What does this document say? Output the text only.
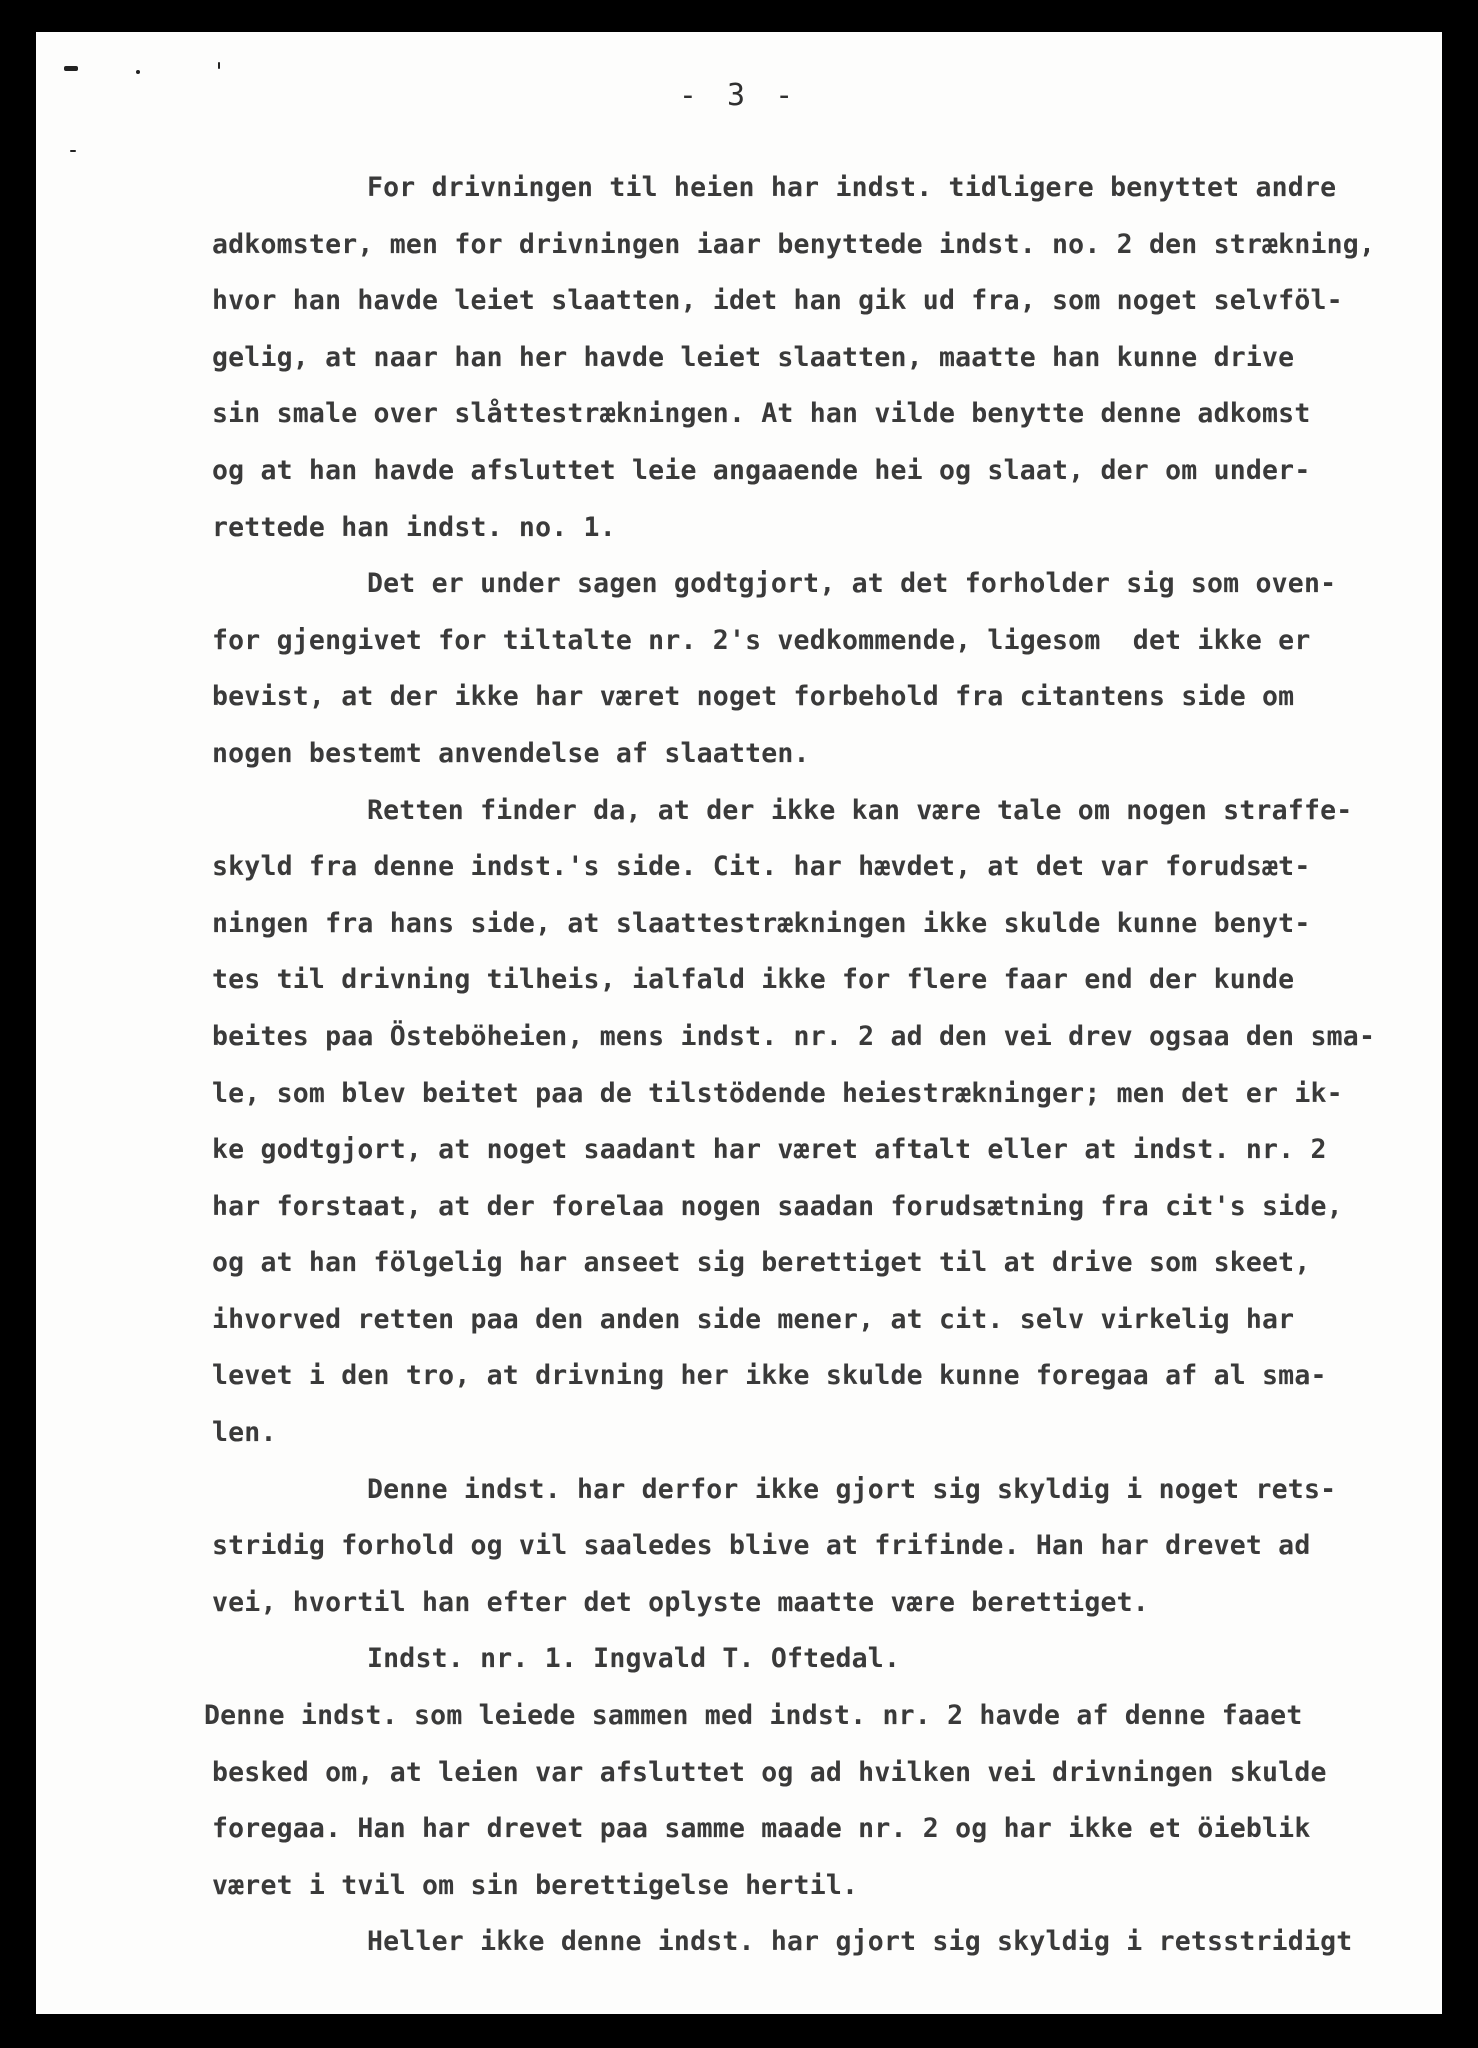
- 3 -
For drivningen til heien har indst. tidligere benyttet andre
adkomster, men for drivningen iaar benyttede indst. no. 2 den strækning,
hvor han havde leiet slaatten, idet han gik ud fra, som noget selvföl-
gelig, at naar han her havde leiet slaatten, maatte han kunne drive
sin smale over slåttestrækningen. At han vilde benytte denne adkomst
og at han havde afsluttet leie angaaende hei og slaat, der om under-
rettede han indst. no. 1.
Det er under sagen godtgjort, at det forholder sig som oven-
for gjengivet for tiltalte nr. 2's vedkommende, ligesom  det ikke er
bevist, at der ikke har været noget forbehold fra citantens side om
nogen bestemt anvendelse af slaatten.
Retten finder da, at der ikke kan være tale om nogen straffe-
skyld fra denne indst.'s side. Cit. har hævdet, at det var forudsæt-
ningen fra hans side, at slaattestrækningen ikke skulde kunne benyt-
tes til drivning tilheis, ialfald ikke for flere faar end der kunde
beites paa Östeböheien, mens indst. nr. 2 ad den vei drev ogsaa den sma-
le, som blev beitet paa de tilstödende heiestrækninger; men det er ik-
ke godtgjort, at noget saadant har været aftalt eller at indst. nr. 2
har forstaat, at der forelaa nogen saadan forudsætning fra cit's side,
og at han fölgelig har anseet sig berettiget til at drive som skeet,
ihvorved retten paa den anden side mener, at cit. selv virkelig har
levet i den tro, at drivning her ikke skulde kunne foregaa af al sma-
len.
Denne indst. har derfor ikke gjort sig skyldig i noget rets-
stridig forhold og vil saaledes blive at frifinde. Han har drevet ad
vei, hvortil han efter det oplyste maatte være berettiget.
Indst. nr. 1. Ingvald T. Oftedal.
Denne indst. som leiede sammen med indst. nr. 2 havde af denne faaet
besked om, at leien var afsluttet og ad hvilken vei drivningen skulde
foregaa. Han har drevet paa samme maade nr. 2 og har ikke et öieblik
været i tvil om sin berettigelse hertil.
Heller ikke denne indst. har gjort sig skyldig i retsstridigt
